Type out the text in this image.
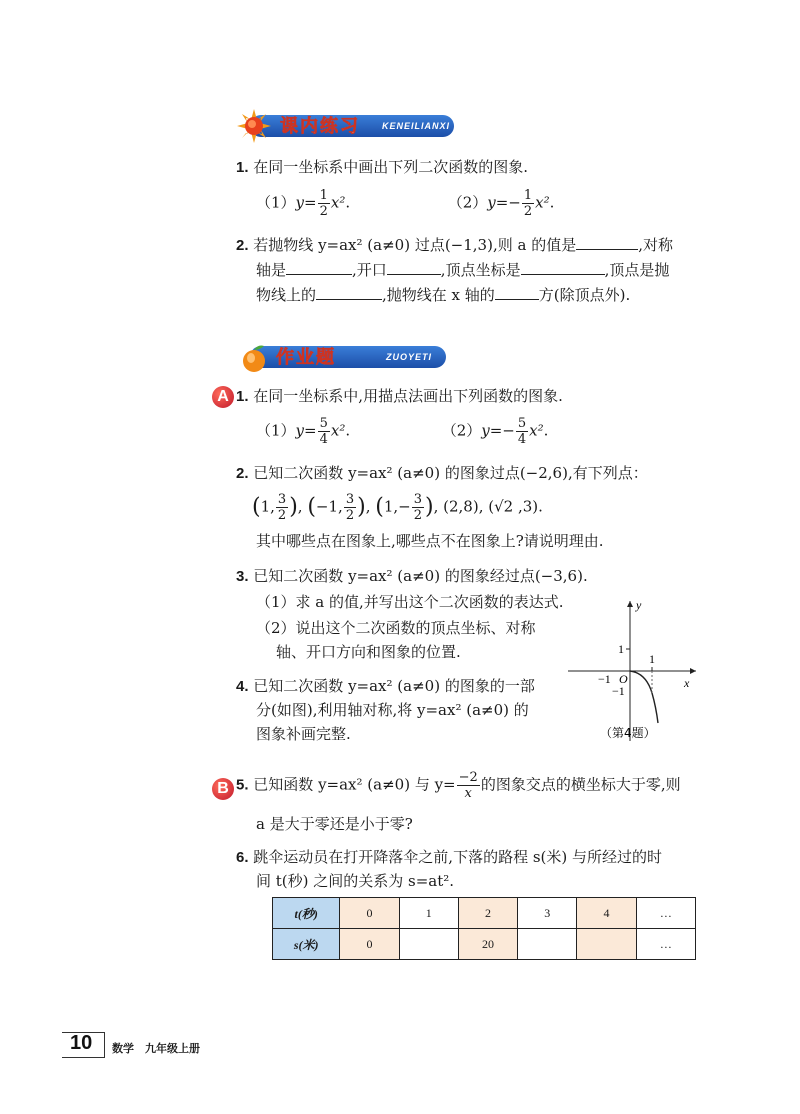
课内练习 KENEILIANXI
1. 在同一坐标系中画出下列二次函数的图象.
$(1)y= \frac{1}{2} x^2$.	$(2)y=- \frac{1}{2} x^2$.
2. 若抛物线 y=ax² (a≠0) 过点(−1,3),则 a 的值是	,对称
轴是	,开口	,顶点坐标是	,顶点是抛
物线上的	,抛物线在 x 轴的	方(除顶点外).
作业题	ZUOYETI
A 1. 在同一坐标系中,用描点法画出下列函数的图象.
$(1)y= \frac{5}{4} x^2$.	$(2)y=- \frac{5}{4} x^2$.
2. 已知二次函数 y=ax² (a≠0) 的图象过点(−2,6),有下列点：
(1, $\frac{3}{2}$ ), (−1, $\frac{3}{2}$ ), ($1,- \frac{3}{2}$ ), (2,8), (√2 ,3).
其中哪些点在图象上,哪些点不在图象上?请说明理由.
3. 已知二次函数 y=ax² (a≠0) 的图象经过点(−3,6).
（1）求 a 的值,并写出这个二次函数的表达式.
（2）说出这个二次函数的顶点坐标、对称
轴、开口方向和图象的位置.
4. 已知二次函数 y=ax² (a≠0) 的图象的一部
分(如图),利用轴对称,将 y=ax² (a≠0) 的
图象补画完整.
y
x
1
1
−1 O
−1
（第4题）
B 5. 已知函数 y=ax² (a≠0) 与 $y= \frac{-2}{x}$ 的图象交点的横坐标大于零,则
a 是大于零还是小于零?
6. 跳伞运动员在打开降落伞之前,下落的路程 s(米) 与所经过的时
间 t(秒) 之间的关系为 s=at².
t(秒)	0	1	2	3	4	…
s(米)	0		20			…
10 数学　九年级上册
